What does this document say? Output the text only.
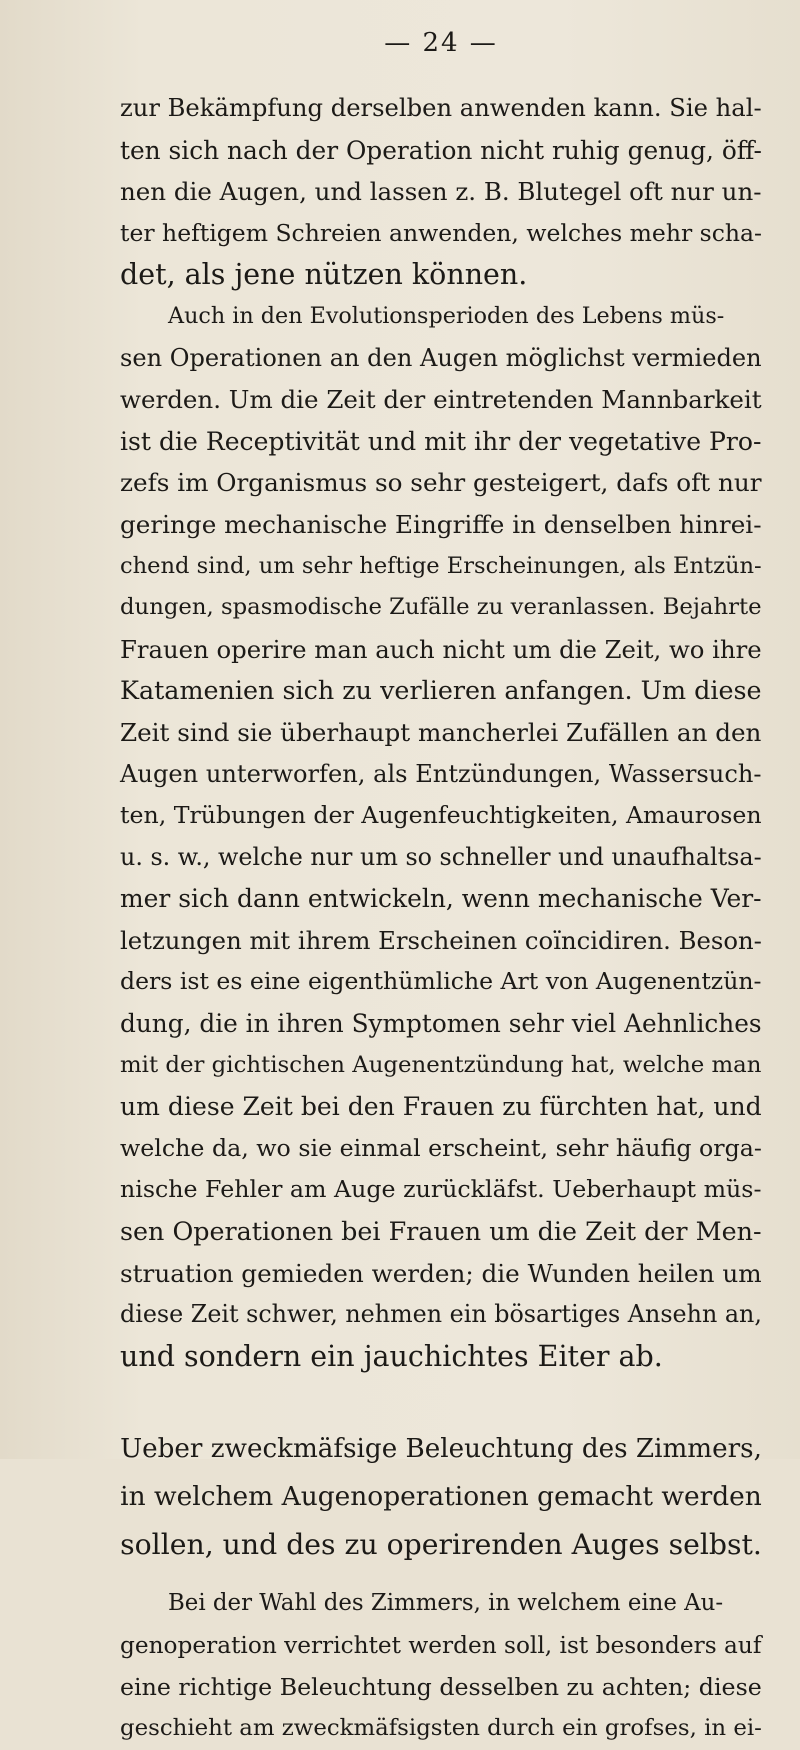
— 24 —
zur Bekämpfung derselben anwenden kann. Sie hal-
ten sich nach der Operation nicht ruhig genug, öff-
nen die Augen, und lassen z. B. Blutegel oft nur un-
ter heftigem Schreien anwenden, welches mehr scha-
det, als jene nützen können.
Auch in den Evolutionsperioden des Lebens müs-
sen Operationen an den Augen möglichst vermieden
werden. Um die Zeit der eintretenden Mannbarkeit
ist die Receptivität und mit ihr der vegetative Pro-
zefs im Organismus so sehr gesteigert, dafs oft nur
geringe mechanische Eingriffe in denselben hinrei-
chend sind, um sehr heftige Erscheinungen, als Entzün-
dungen, spasmodische Zufälle zu veranlassen. Bejahrte
Frauen operire man auch nicht um die Zeit, wo ihre
Katamenien sich zu verlieren anfangen. Um diese
Zeit sind sie überhaupt mancherlei Zufällen an den
Augen unterworfen, als Entzündungen, Wassersuch-
ten, Trübungen der Augenfeuchtigkeiten, Amaurosen
u. s. w., welche nur um so schneller und unaufhaltsa-
mer sich dann entwickeln, wenn mechanische Ver-
letzungen mit ihrem Erscheinen coïncidiren. Beson-
ders ist es eine eigenthümliche Art von Augenentzün-
dung, die in ihren Symptomen sehr viel Aehnliches
mit der gichtischen Augenentzündung hat, welche man
um diese Zeit bei den Frauen zu fürchten hat, und
welche da, wo sie einmal erscheint, sehr häufig orga-
nische Fehler am Auge zurückläfst. Ueberhaupt müs-
sen Operationen bei Frauen um die Zeit der Men-
struation gemieden werden; die Wunden heilen um
diese Zeit schwer, nehmen ein bösartiges Ansehn an,
und sondern ein jauchichtes Eiter ab.
Ueber zweckmäfsige Beleuchtung des Zimmers,
in welchem Augenoperationen gemacht werden
sollen, und des zu operirenden Auges selbst.
Bei der Wahl des Zimmers, in welchem eine Au-
genoperation verrichtet werden soll, ist besonders auf
eine richtige Beleuchtung desselben zu achten; diese
geschieht am zweckmäfsigsten durch ein grofses, in ei-
